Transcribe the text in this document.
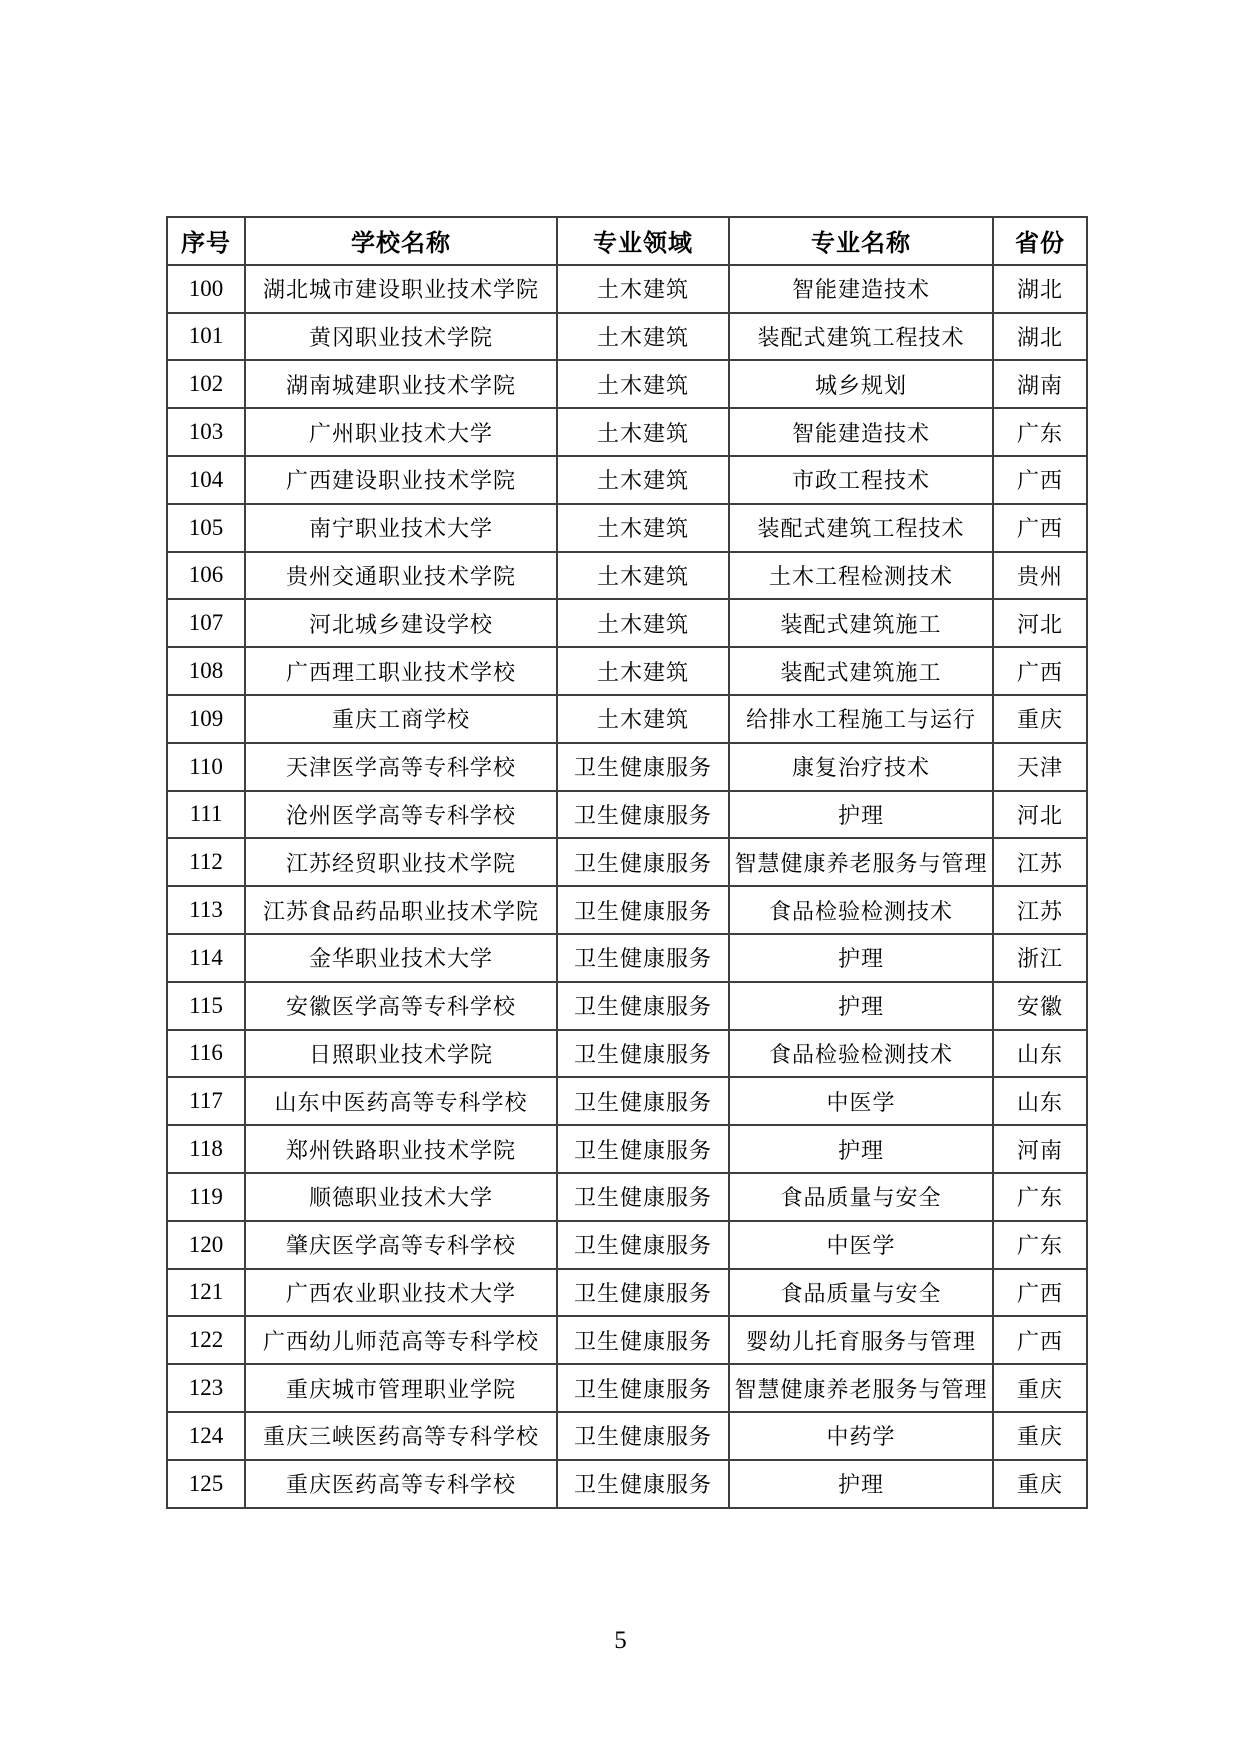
序号	学校名称	专业领域	专业名称	省份
100	湖北城市建设职业技术学院	土木建筑	智能建造技术	湖北
101	黄冈职业技术学院	土木建筑	装配式建筑工程技术	湖北
102	湖南城建职业技术学院	土木建筑	城乡规划	湖南
103	广州职业技术大学	土木建筑	智能建造技术	广东
104	广西建设职业技术学院	土木建筑	市政工程技术	广西
105	南宁职业技术大学	土木建筑	装配式建筑工程技术	广西
106	贵州交通职业技术学院	土木建筑	土木工程检测技术	贵州
107	河北城乡建设学校	土木建筑	装配式建筑施工	河北
108	广西理工职业技术学校	土木建筑	装配式建筑施工	广西
109	重庆工商学校	土木建筑	给排水工程施工与运行	重庆
110	天津医学高等专科学校	卫生健康服务	康复治疗技术	天津
111	沧州医学高等专科学校	卫生健康服务	护理	河北
112	江苏经贸职业技术学院	卫生健康服务	智慧健康养老服务与管理	江苏
113	江苏食品药品职业技术学院	卫生健康服务	食品检验检测技术	江苏
114	金华职业技术大学	卫生健康服务	护理	浙江
115	安徽医学高等专科学校	卫生健康服务	护理	安徽
116	日照职业技术学院	卫生健康服务	食品检验检测技术	山东
117	山东中医药高等专科学校	卫生健康服务	中医学	山东
118	郑州铁路职业技术学院	卫生健康服务	护理	河南
119	顺德职业技术大学	卫生健康服务	食品质量与安全	广东
120	肇庆医学高等专科学校	卫生健康服务	中医学	广东
121	广西农业职业技术大学	卫生健康服务	食品质量与安全	广西
122	广西幼儿师范高等专科学校	卫生健康服务	婴幼儿托育服务与管理	广西
123	重庆城市管理职业学院	卫生健康服务	智慧健康养老服务与管理	重庆
124	重庆三峡医药高等专科学校	卫生健康服务	中药学	重庆
125	重庆医药高等专科学校	卫生健康服务	护理	重庆
5
